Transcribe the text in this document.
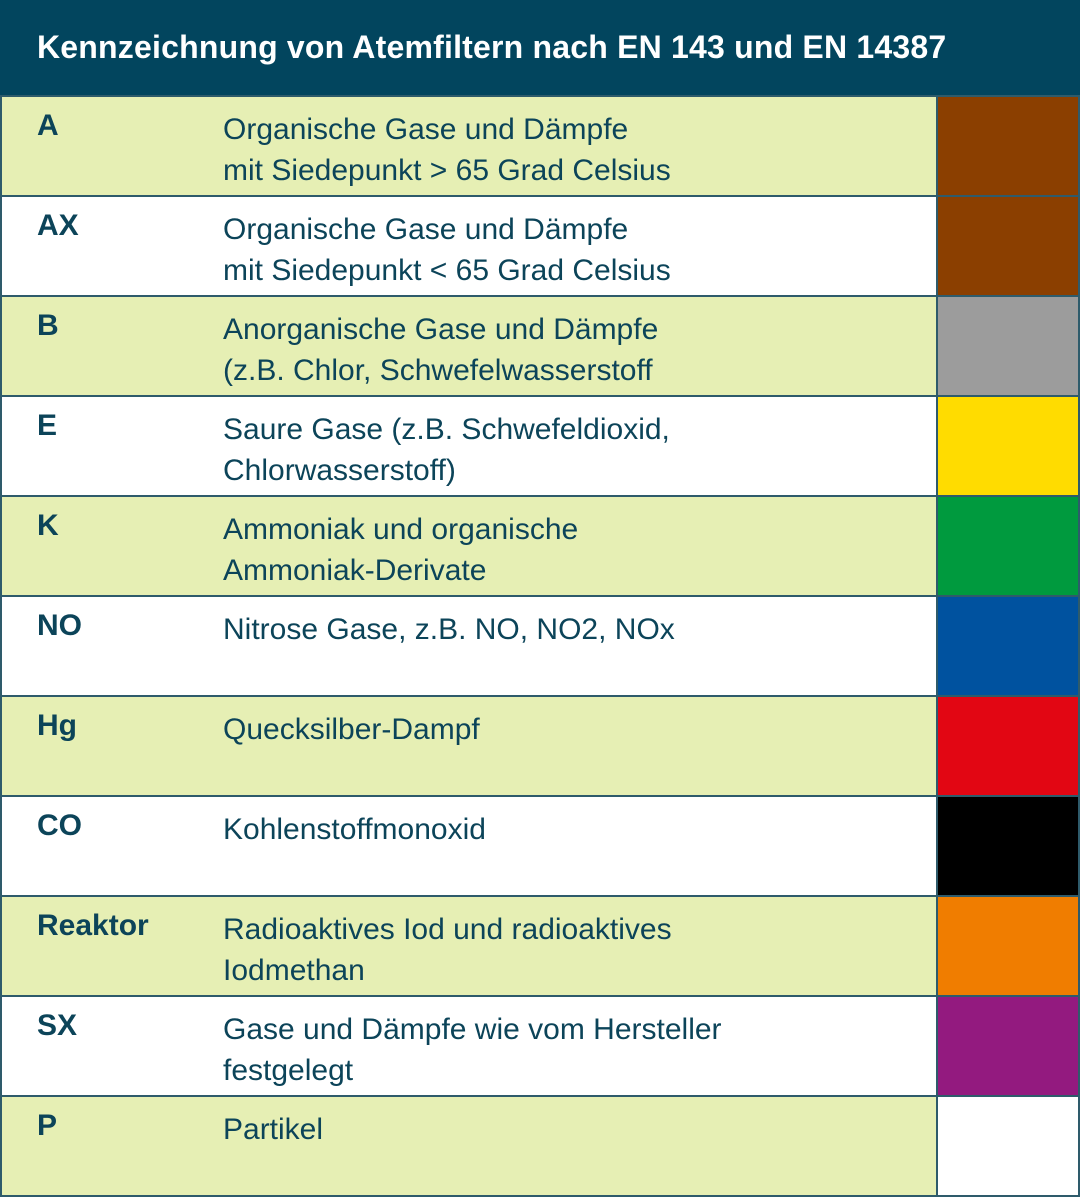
Kennzeichnung von Atemfiltern nach EN 143 und EN 14387
A	Organische Gase und Dämpfe
mit Siedepunkt > 65 Grad Celsius
AX	Organische Gase und Dämpfe
mit Siedepunkt < 65 Grad Celsius
B	Anorganische Gase und Dämpfe
(z.B. Chlor, Schwefelwasserstoff
E	Saure Gase (z.B. Schwefeldioxid,
Chlorwasserstoff)
K	Ammoniak und organische
Ammoniak-Derivate
NO	Nitrose Gase, z.B. NO, NO2, NOx
Hg	Quecksilber-Dampf
CO	Kohlenstoffmonoxid
Reaktor	Radioaktives Iod und radioaktives
Iodmethan
SX	Gase und Dämpfe wie vom Hersteller
festgelegt
P	Partikel
